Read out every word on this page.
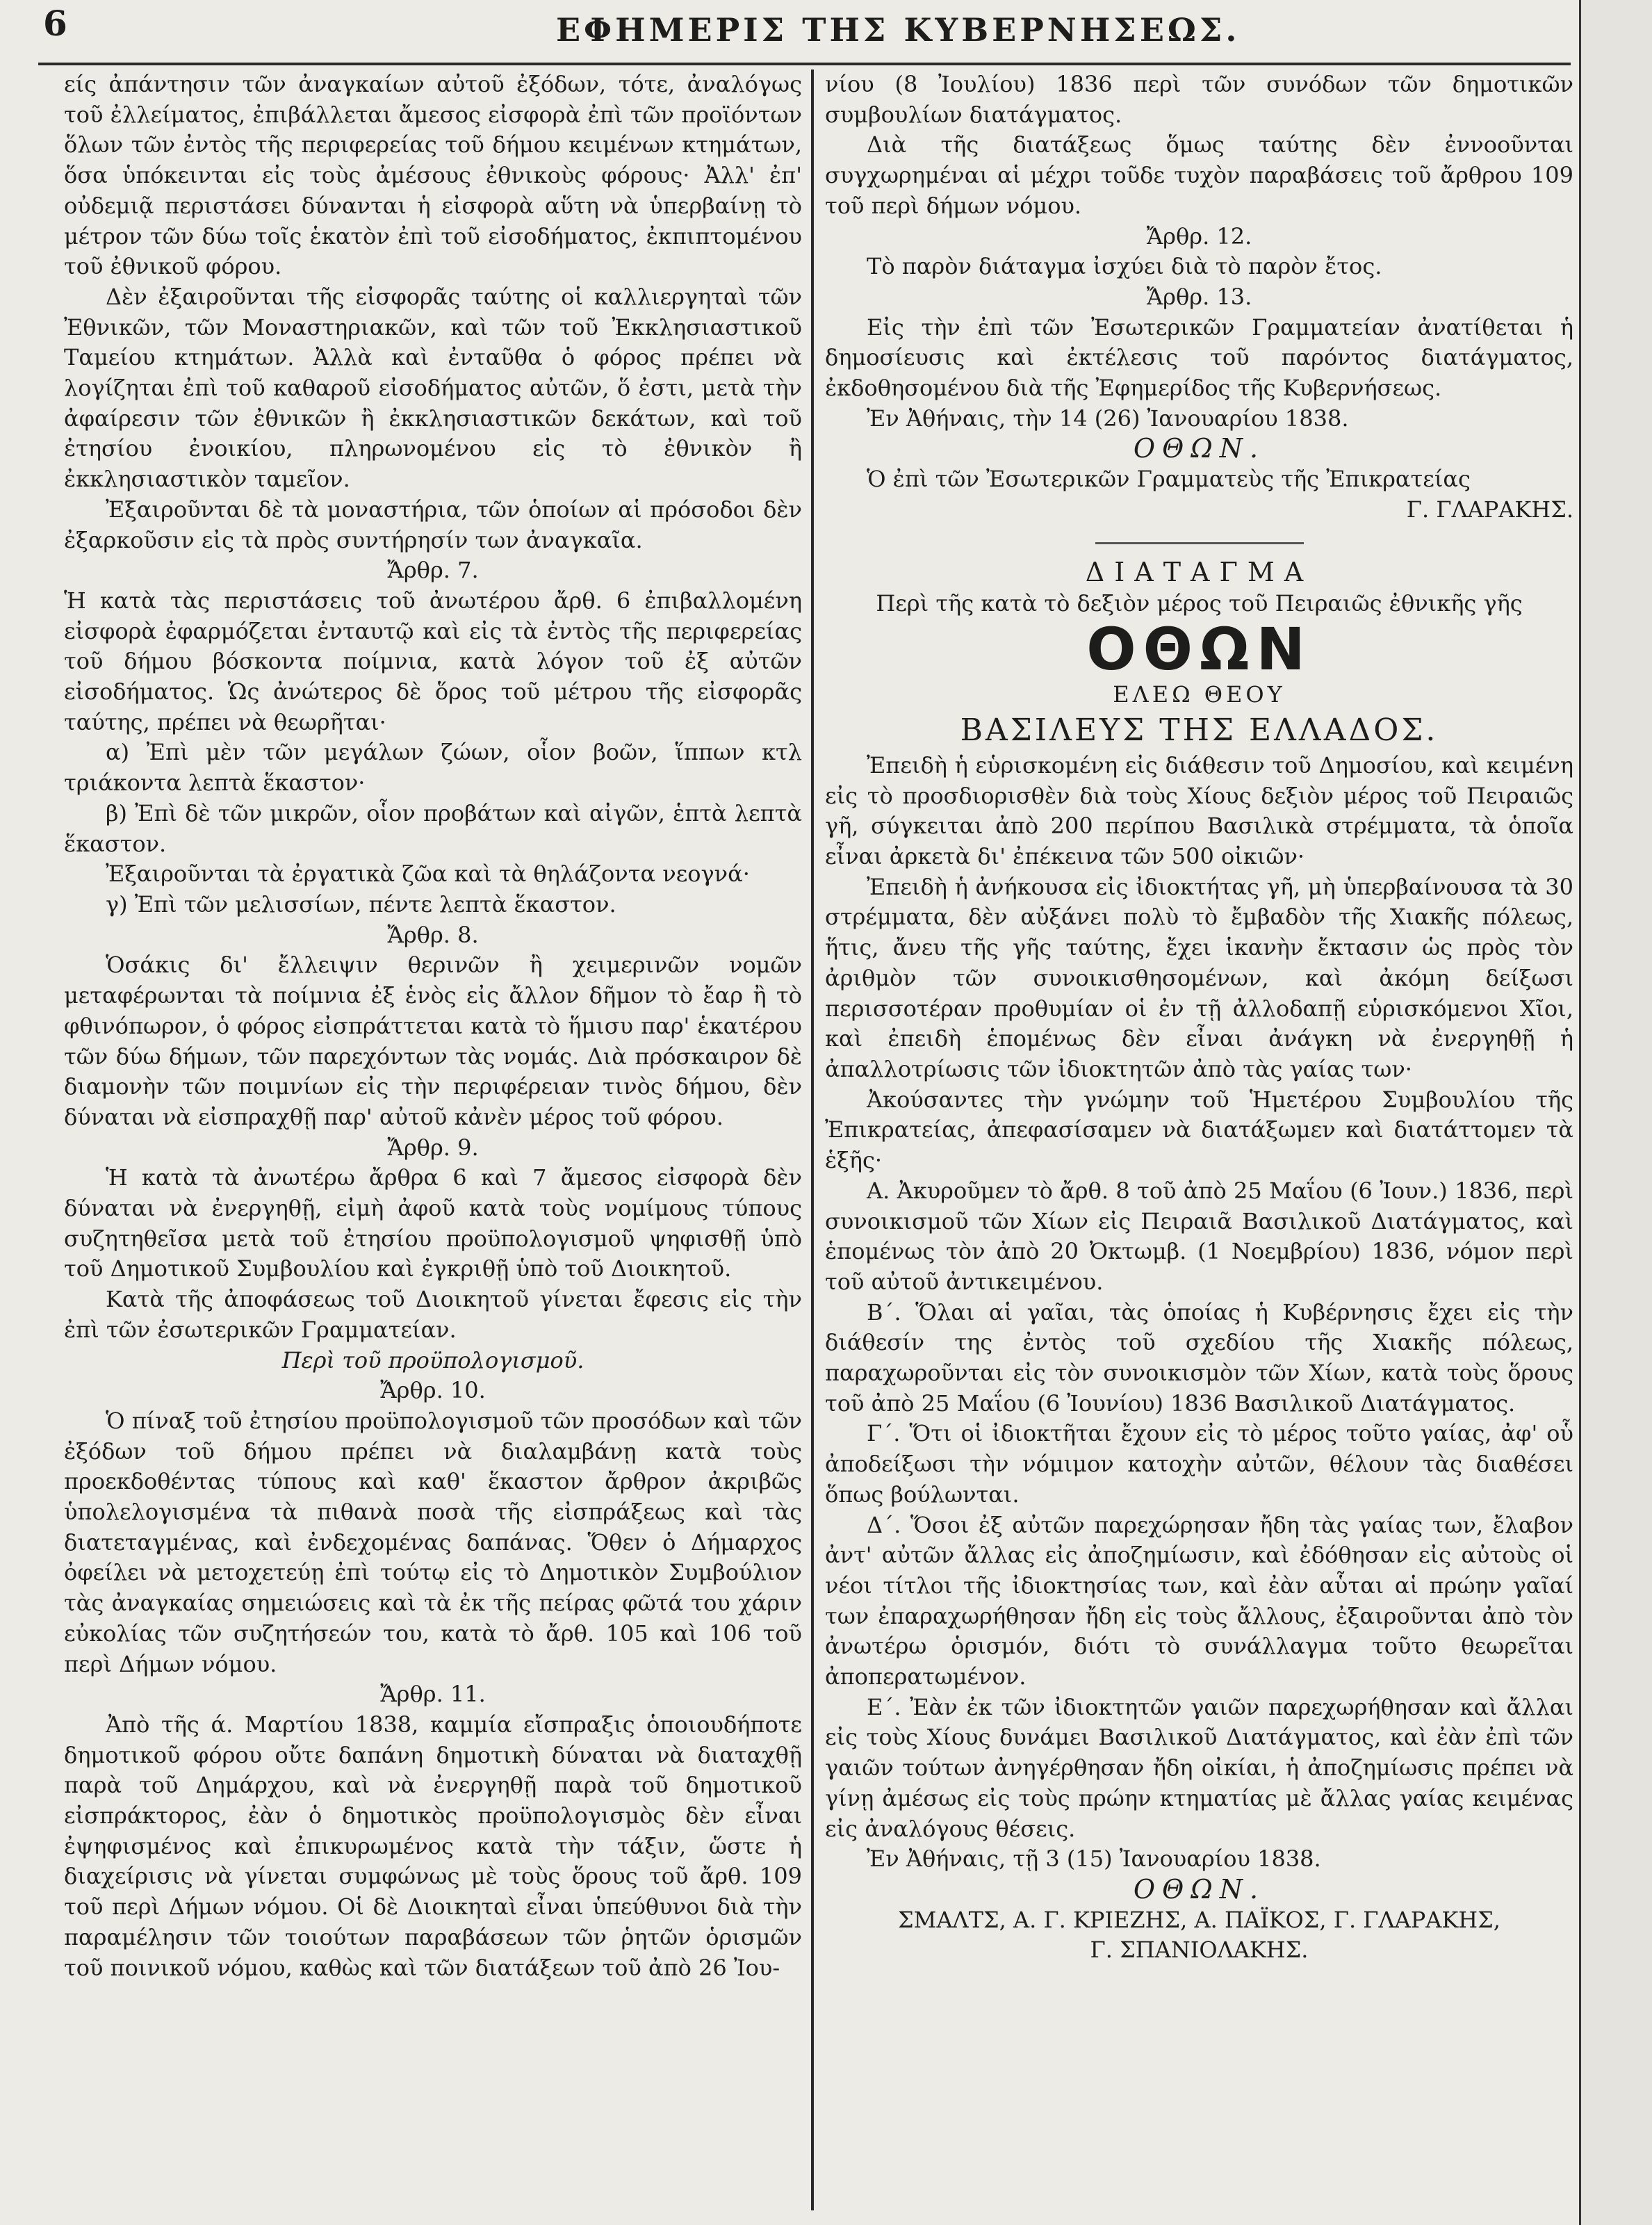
6	ΕΦΗΜΕΡΙΣ ΤΗΣ ΚΥΒΕΡΝΗΣΕΩΣ.

είς ἀπάντησιν τῶν ἀναγκαίων αὐτοῦ ἐξόδων, τότε, ἀναλόγως τοῦ ἐλλείματος, ἐπιβάλλεται ἄμεσος εἰσφορὰ ἐπὶ τῶν προϊόντων ὅλων τῶν ἐντὸς τῆς περιφερείας τοῦ δήμου κειμένων κτημάτων, ὅσα ὑπόκεινται εἰς τοὺς ἀμέσους ἐθνικοὺς φόρους· Ἀλλ' ἐπ' οὐδεμιᾷ περιστάσει δύνανται ἡ εἰσφορὰ αὕτη νὰ ὑπερβαίνῃ τὸ μέτρον τῶν δύω τοῖς ἑκατὸν ἐπὶ τοῦ εἰσοδήματος, ἐκπιπτομένου τοῦ ἐθνικοῦ φόρου.

Δὲν ἐξαιροῦνται τῆς εἰσφορᾶς ταύτης οἱ καλλιεργηταὶ τῶν Ἐθνικῶν, τῶν Μοναστηριακῶν, καὶ τῶν τοῦ Ἐκκλησιαστικοῦ Ταμείου κτημάτων. Ἀλλὰ καὶ ἐνταῦθα ὁ φόρος πρέπει νὰ λογίζηται ἐπὶ τοῦ καθαροῦ εἰσοδήματος αὐτῶν, ὅ ἐστι, μετὰ τὴν ἀφαίρεσιν τῶν ἐθνικῶν ἢ ἐκκλησιαστικῶν δεκάτων, καὶ τοῦ ἐτησίου ἐνοικίου, πληρωνομένου εἰς τὸ ἐθνικὸν ἢ ἐκκλησιαστικὸν ταμεῖον.

Ἐξαιροῦνται δὲ τὰ μοναστήρια, τῶν ὁποίων αἱ πρόσοδοι δὲν ἐξαρκοῦσιν εἰς τὰ πρὸς συντήρησίν των ἀναγκαῖα.

Ἄρθρ. 7.

Ἡ κατὰ τὰς περιστάσεις τοῦ ἀνωτέρου ἄρθ. 6 ἐπιβαλλομένη εἰσφορὰ ἐφαρμόζεται ἐνταυτῷ καὶ εἰς τὰ ἐντὸς τῆς περιφερείας τοῦ δήμου βόσκοντα ποίμνια, κατὰ λόγον τοῦ ἐξ αὐτῶν εἰσοδήματος. Ὡς ἀνώτερος δὲ ὅρος τοῦ μέτρου τῆς εἰσφορᾶς ταύτης, πρέπει νὰ θεωρῆται·

α) Ἐπὶ μὲν τῶν μεγάλων ζώων, οἷον βοῶν, ἵππων κτλ τριάκοντα λεπτὰ ἕκαστον·

β) Ἐπὶ δὲ τῶν μικρῶν, οἷον προβάτων καὶ αἰγῶν, ἑπτὰ λεπτὰ ἕκαστον.

Ἐξαιροῦνται τὰ ἐργατικὰ ζῶα καὶ τὰ θηλάζοντα νεογνά·

γ) Ἐπὶ τῶν μελισσίων, πέντε λεπτὰ ἕκαστον.

Ἄρθρ. 8.

Ὁσάκις δι' ἔλλειψιν θερινῶν ἢ χειμερινῶν νομῶν μεταφέρωνται τὰ ποίμνια ἐξ ἑνὸς εἰς ἄλλον δῆμον τὸ ἔαρ ἢ τὸ φθινόπωρον, ὁ φόρος εἰσπράττεται κατὰ τὸ ἥμισυ παρ' ἑκατέρου τῶν δύω δήμων, τῶν παρεχόντων τὰς νομάς. Διὰ πρόσκαιρον δὲ διαμονὴν τῶν ποιμνίων εἰς τὴν περιφέρειαν τινὸς δήμου, δὲν δύναται νὰ εἰσπραχθῇ παρ' αὐτοῦ κἀνὲν μέρος τοῦ φόρου.

Ἄρθρ. 9.

Ἡ κατὰ τὰ ἀνωτέρω ἄρθρα 6 καὶ 7 ἄμεσος εἰσφορὰ δὲν δύναται νὰ ἐνεργηθῇ, εἰμὴ ἀφοῦ κατὰ τοὺς νομίμους τύπους συζητηθεῖσα μετὰ τοῦ ἐτησίου προϋπολογισμοῦ ψηφισθῇ ὑπὸ τοῦ Δημοτικοῦ Συμβουλίου καὶ ἐγκριθῇ ὑπὸ τοῦ Διοικητοῦ.

Κατὰ τῆς ἀποφάσεως τοῦ Διοικητοῦ γίνεται ἔφεσις εἰς τὴν ἐπὶ τῶν ἐσωτερικῶν Γραμματείαν.

Περὶ τοῦ προϋπολογισμοῦ.

Ἄρθρ. 10.

Ὁ πίναξ τοῦ ἐτησίου προϋπολογισμοῦ τῶν προσόδων καὶ τῶν ἐξόδων τοῦ δήμου πρέπει νὰ διαλαμβάνῃ κατὰ τοὺς προεκδοθέντας τύπους καὶ καθ' ἕκαστον ἄρθρον ἀκριβῶς ὑπολελογισμένα τὰ πιθανὰ ποσὰ τῆς εἰσπράξεως καὶ τὰς διατεταγμένας, καὶ ἐνδεχομένας δαπάνας. Ὅθεν ὁ Δήμαρχος ὀφείλει νὰ μετοχετεύῃ ἐπὶ τούτῳ εἰς τὸ Δημοτικὸν Συμβούλιον τὰς ἀναγκαίας σημειώσεις καὶ τὰ ἐκ τῆς πείρας φῶτά του χάριν εὐκολίας τῶν συζητήσεών του, κατὰ τὸ ἄρθ. 105 καὶ 106 τοῦ περὶ Δήμων νόμου.

Ἄρθρ. 11.

Ἀπὸ τῆς ά. Μαρτίου 1838, καμμία εἴσπραξις ὁποιουδήποτε δημοτικοῦ φόρου οὔτε δαπάνη δημοτικὴ δύναται νὰ διαταχθῇ παρὰ τοῦ Δημάρχου, καὶ νὰ ἐνεργηθῇ παρὰ τοῦ δημοτικοῦ εἰσπράκτορος, ἐὰν ὁ δημοτικὸς προϋπολογισμὸς δὲν εἶναι ἐψηφισμένος καὶ ἐπικυρωμένος κατὰ τὴν τάξιν, ὥστε ἡ διαχείρισις νὰ γίνεται συμφώνως μὲ τοὺς ὅρους τοῦ ἄρθ. 109 τοῦ περὶ Δήμων νόμου. Οἱ δὲ Διοικηταὶ εἶναι ὑπεύθυνοι διὰ τὴν παραμέλησιν τῶν τοιούτων παραβάσεων τῶν ῥητῶν ὁρισμῶν τοῦ ποινικοῦ νόμου, καθὼς καὶ τῶν διατάξεων τοῦ ἀπὸ 26 Ἰου-

νίου (8 Ἰουλίου) 1836 περὶ τῶν συνόδων τῶν δημοτικῶν συμβουλίων διατάγματος.

Διὰ τῆς διατάξεως ὅμως ταύτης δὲν ἐννοοῦνται συγχωρημέναι αἱ μέχρι τοῦδε τυχὸν παραβάσεις τοῦ ἄρθρου 109 τοῦ περὶ δήμων νόμου.

Ἄρθρ. 12.

Τὸ παρὸν διάταγμα ἰσχύει διὰ τὸ παρὸν ἔτος.

Ἄρθρ. 13.

Εἰς τὴν ἐπὶ τῶν Ἐσωτερικῶν Γραμματείαν ἀνατίθεται ἡ δημοσίευσις καὶ ἐκτέλεσις τοῦ παρόντος διατάγματος, ἐκδοθησομένου διὰ τῆς Ἐφημερίδος τῆς Κυβερνήσεως.

Ἐν Ἀθήναις, τὴν 14 (26) Ἰανουαρίου 1838.

ΟΘΩΝ.

Ὁ ἐπὶ τῶν Ἐσωτερικῶν Γραμματεὺς τῆς Ἐπικρατείας

Γ. ΓΛΑΡΑΚΗΣ.

ΔΙΑΤΑΓΜΑ

Περὶ τῆς κατὰ τὸ δεξιὸν μέρος τοῦ Πειραιῶς ἐθνικῆς γῆς

ΟΘΩΝ

ΕΛΕΩ ΘΕΟΥ

ΒΑΣΙΛΕΥΣ ΤΗΣ ΕΛΛΑΔΟΣ.

Ἐπειδὴ ἡ εὑρισκομένη εἰς διάθεσιν τοῦ Δημοσίου, καὶ κειμένη εἰς τὸ προσδιορισθὲν διὰ τοὺς Χίους δεξιὸν μέρος τοῦ Πειραιῶς γῆ, σύγκειται ἀπὸ 200 περίπου Βασιλικὰ στρέμματα, τὰ ὁποῖα εἶναι ἀρκετὰ δι' ἐπέκεινα τῶν 500 οἰκιῶν·

Ἐπειδὴ ἡ ἀνήκουσα εἰς ἰδιοκτήτας γῆ, μὴ ὑπερβαίνουσα τὰ 30 στρέμματα, δὲν αὐξάνει πολὺ τὸ ἔμβαδὸν τῆς Χιακῆς πόλεως, ἥτις, ἄνευ τῆς γῆς ταύτης, ἔχει ἱκανὴν ἔκτασιν ὡς πρὸς τὸν ἀριθμὸν τῶν συνοικισθησομένων, καὶ ἀκόμη δείξωσι περισσοτέραν προθυμίαν οἱ ἐν τῇ ἀλλοδαπῇ εὑρισκόμενοι Χῖοι, καὶ ἐπειδὴ ἑπομένως δὲν εἶναι ἀνάγκη νὰ ἐνεργηθῇ ἡ ἀπαλλοτρίωσις τῶν ἰδιοκτητῶν ἀπὸ τὰς γαίας των·

Ἀκούσαντες τὴν γνώμην τοῦ Ἡμετέρου Συμβουλίου τῆς Ἐπικρατείας, ἀπεφασίσαμεν νὰ διατάξωμεν καὶ διατάττομεν τὰ ἑξῆς·

Α. Ἀκυροῦμεν τὸ ἄρθ. 8 τοῦ ἀπὸ 25 Μαΐου (6 Ἰουν.) 1836, περὶ συνοικισμοῦ τῶν Χίων εἰς Πειραιᾶ Βασιλικοῦ Διατάγματος, καὶ ἑπομένως τὸν ἀπὸ 20 Ὀκτωμβ. (1 Νοεμβρίου) 1836, νόμον περὶ τοῦ αὐτοῦ ἀντικειμένου.

Β΄. Ὅλαι αἱ γαῖαι, τὰς ὁποίας ἡ Κυβέρνησις ἔχει εἰς τὴν διάθεσίν της ἐντὸς τοῦ σχεδίου τῆς Χιακῆς πόλεως, παραχωροῦνται εἰς τὸν συνοικισμὸν τῶν Χίων, κατὰ τοὺς ὅρους τοῦ ἀπὸ 25 Μαΐου (6 Ἰουνίου) 1836 Βασιλικοῦ Διατάγματος.

Γ΄. Ὅτι οἱ ἰδιοκτῆται ἔχουν εἰς τὸ μέρος τοῦτο γαίας, ἀφ' οὗ ἀποδείξωσι τὴν νόμιμον κατοχὴν αὐτῶν, θέλουν τὰς διαθέσει ὅπως βούλωνται.

Δ΄. Ὅσοι ἐξ αὐτῶν παρεχώρησαν ἤδη τὰς γαίας των, ἔλαβον ἀντ' αὐτῶν ἄλλας εἰς ἀποζημίωσιν, καὶ ἐδόθησαν εἰς αὐτοὺς οἱ νέοι τίτλοι τῆς ἰδιοκτησίας των, καὶ ἐὰν αὗται αἱ πρώην γαῖαί των ἐπαραχωρήθησαν ἤδη εἰς τοὺς ἄλλους, ἐξαιροῦνται ἀπὸ τὸν ἀνωτέρω ὁρισμόν, διότι τὸ συνάλλαγμα τοῦτο θεωρεῖται ἀποπερατωμένον.

Ε΄. Ἐὰν ἐκ τῶν ἰδιοκτητῶν γαιῶν παρεχωρήθησαν καὶ ἄλλαι εἰς τοὺς Χίους δυνάμει Βασιλικοῦ Διατάγματος, καὶ ἐὰν ἐπὶ τῶν γαιῶν τούτων ἀνηγέρθησαν ἤδη οἰκίαι, ἡ ἀποζημίωσις πρέπει νὰ γίνῃ ἀμέσως εἰς τοὺς πρώην κτηματίας μὲ ἄλλας γαίας κειμένας εἰς ἀναλόγους θέσεις.

Ἐν Ἀθήναις, τῇ 3 (15) Ἰανουαρίου 1838.

ΟΘΩΝ.

ΣΜΑΛΤΣ, Α. Γ. ΚΡΙΕΖΗΣ, Α. ΠΑΪΚΟΣ, Γ. ΓΛΑΡΑΚΗΣ,

Γ. ΣΠΑΝΙΟΛΑΚΗΣ.
